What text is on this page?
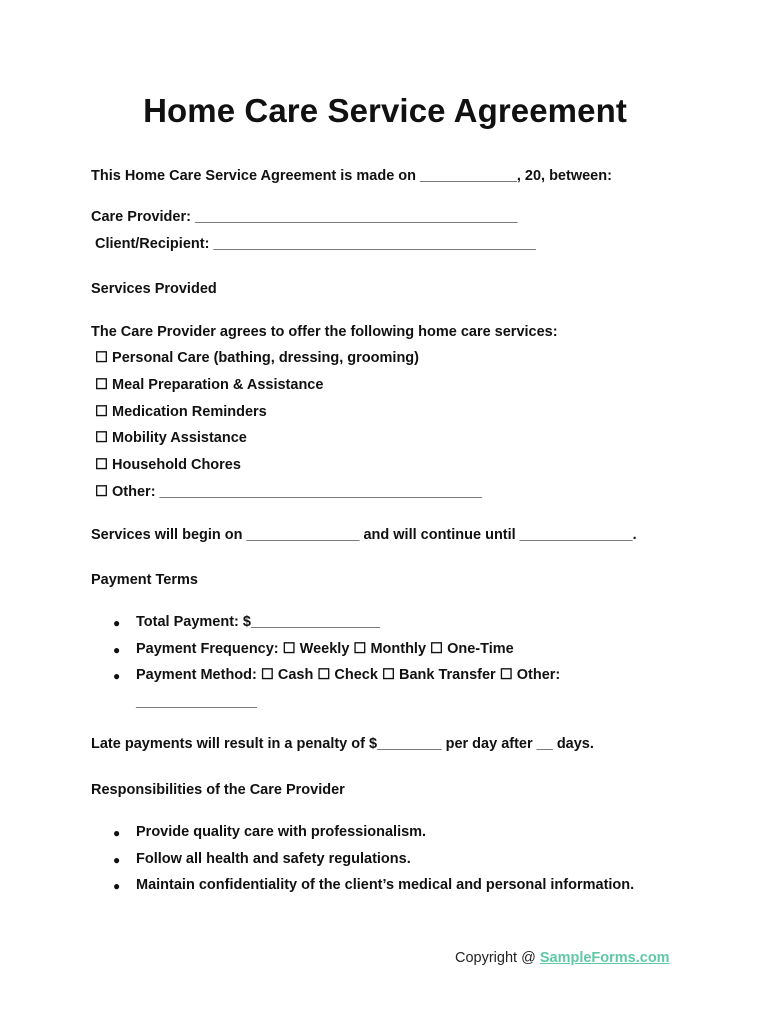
Home Care Service Agreement
This Home Care Service Agreement is made on ____________, 20, between:
Care Provider: ________________________________________
Client/Recipient: ________________________________________
Services Provided
The Care Provider agrees to offer the following home care services:
☐ Personal Care (bathing, dressing, grooming)
☐ Meal Preparation & Assistance
☐ Medication Reminders
☐ Mobility Assistance
☐ Household Chores
☐ Other: ________________________________________
Services will begin on ______________ and will continue until ______________.
Payment Terms
● Total Payment: $________________
● Payment Frequency: ☐ Weekly ☐ Monthly ☐ One-Time
● Payment Method: ☐ Cash ☐ Check ☐ Bank Transfer ☐ Other:
_______________
Late payments will result in a penalty of $________ per day after __ days.
Responsibilities of the Care Provider
● Provide quality care with professionalism.
● Follow all health and safety regulations.
● Maintain confidentiality of the client’s medical and personal information.
Copyright @ SampleForms.com
